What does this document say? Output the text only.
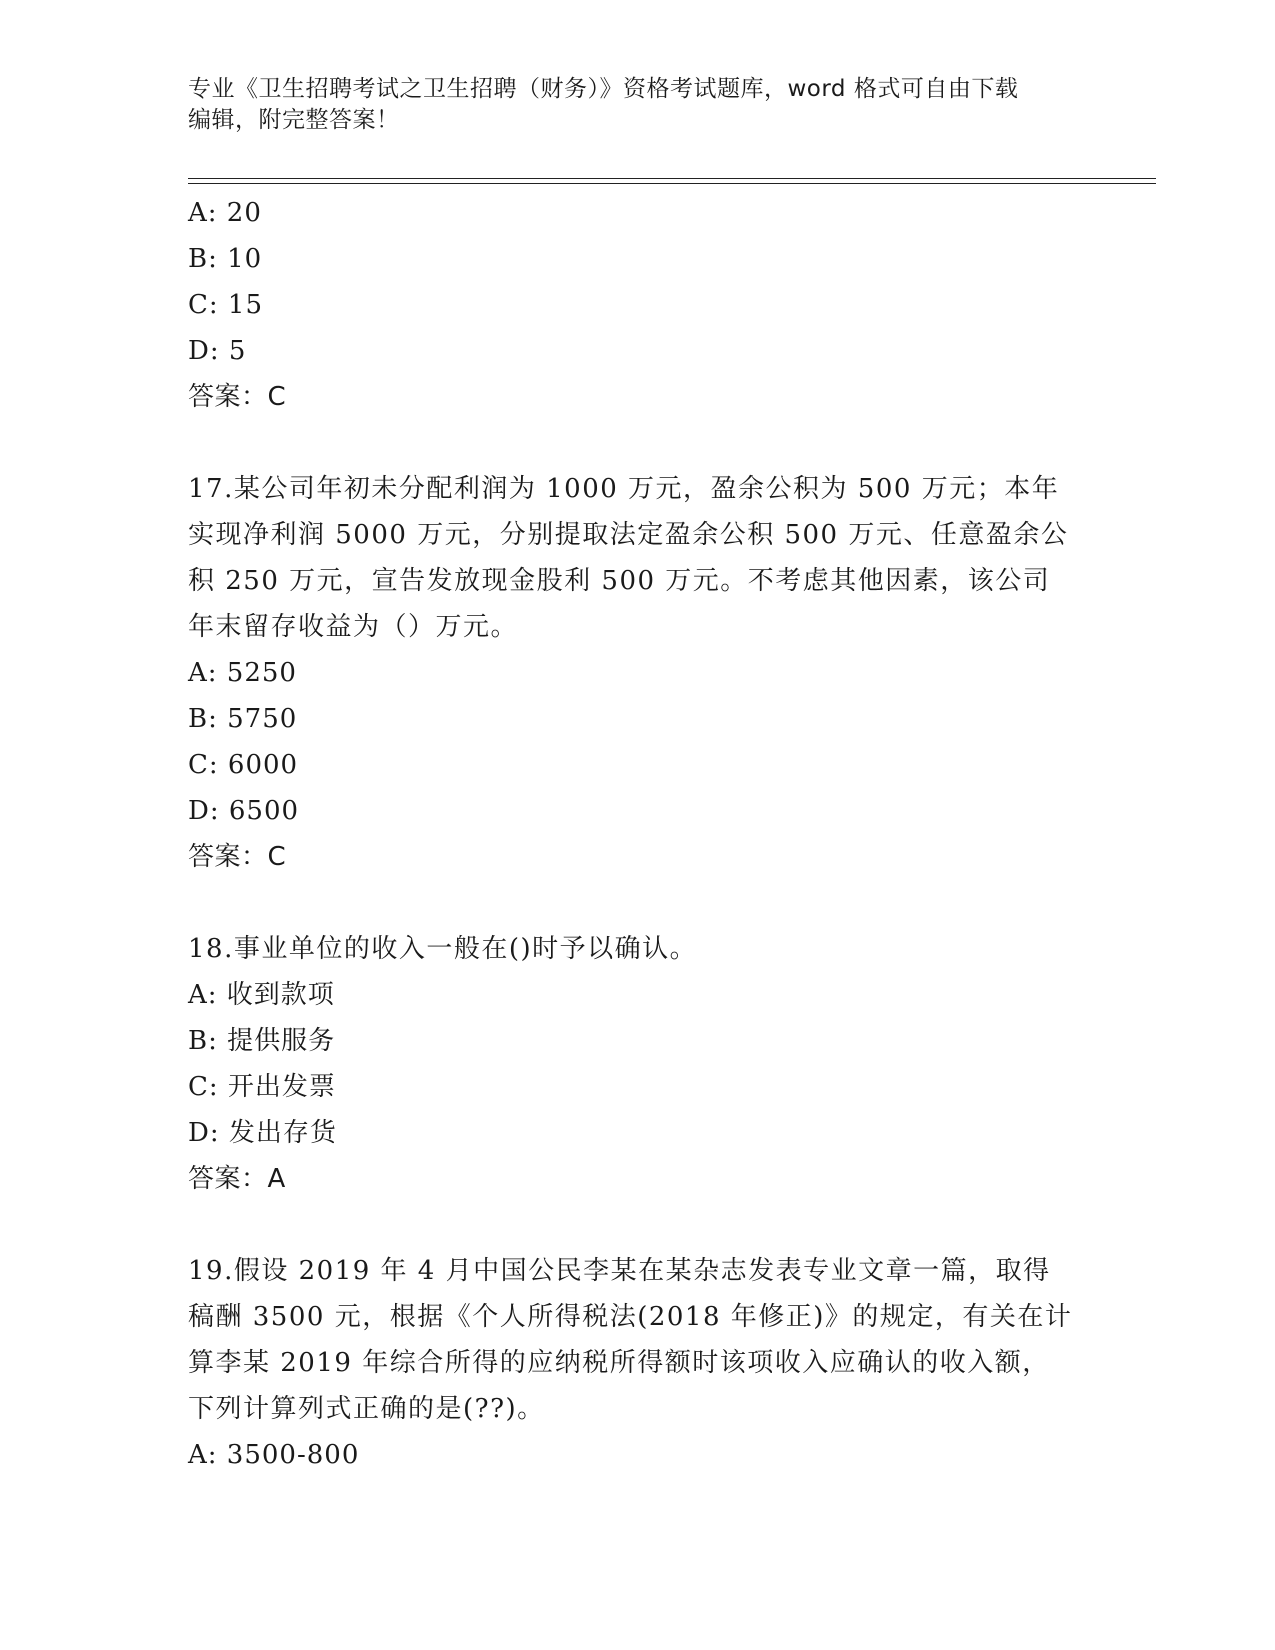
专业《卫生招聘考试之卫生招聘（财务）》资格考试题库，word 格式可自由下载
编辑，附完整答案！
A: 20
B: 10
C: 15
D: 5
答案：C
17.某公司年初未分配利润为 1000 万元，盈余公积为 500 万元；本年
实现净利润 5000 万元，分别提取法定盈余公积 500 万元、任意盈余公
积 250 万元，宣告发放现金股利 500 万元。不考虑其他因素，该公司
年末留存收益为（）万元。
A: 5250
B: 5750
C: 6000
D: 6500
答案：C
18.事业单位的收入一般在()时予以确认。
A: 收到款项
B: 提供服务
C: 开出发票
D: 发出存货
答案：A
19.假设 2019 年 4 月中国公民李某在某杂志发表专业文章一篇，取得
稿酬 3500 元，根据《个人所得税法(2018 年修正)》的规定，有关在计
算李某 2019 年综合所得的应纳税所得额时该项收入应确认的收入额，
下列计算列式正确的是(??)。
A: 3500-800
